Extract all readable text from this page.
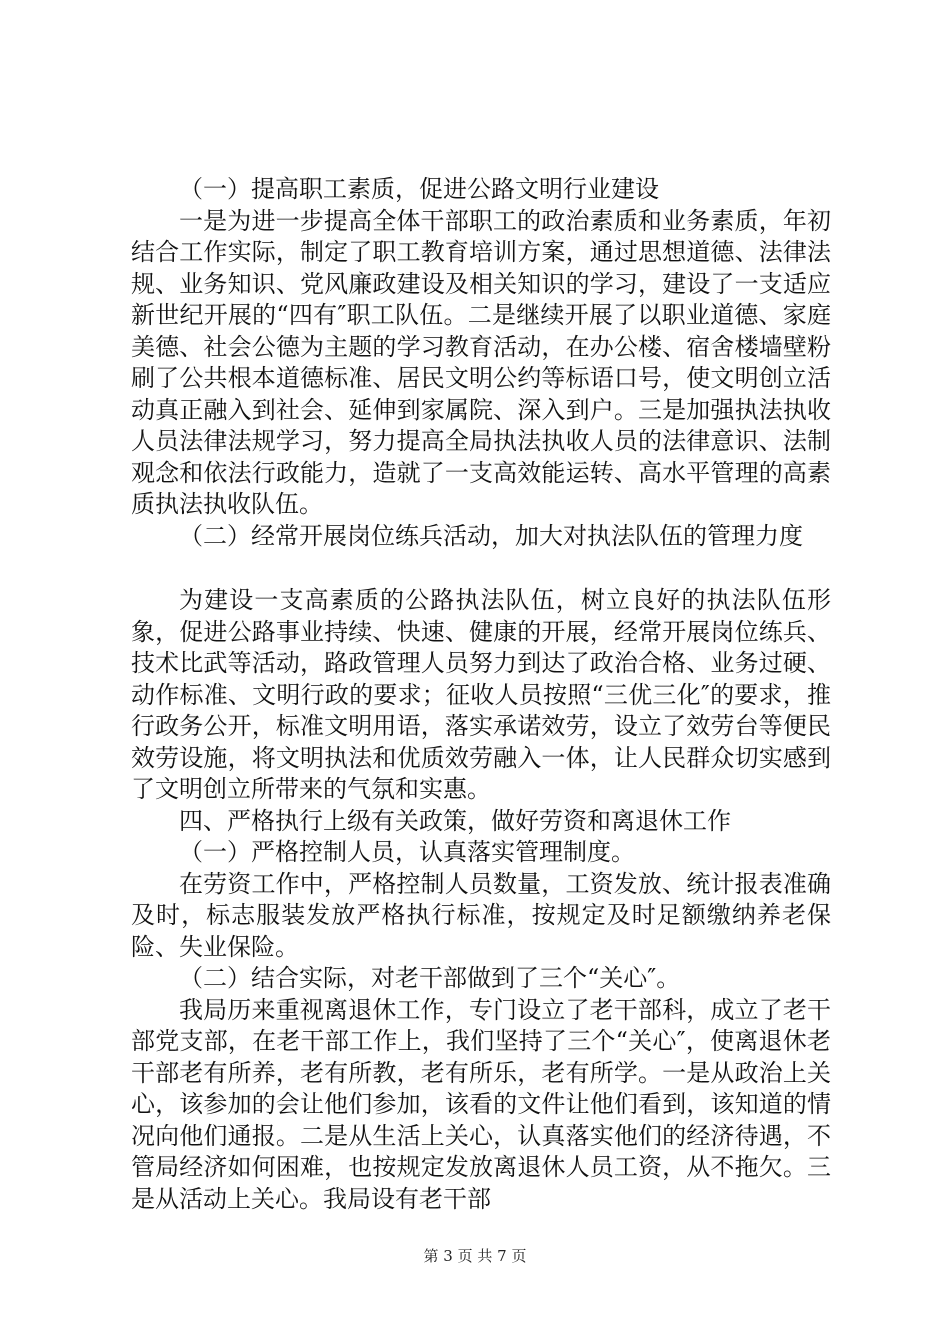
（一）提高职工素质，促进公路文明行业建设

一是为进一步提高全体干部职工的政治素质和业务素质，年初结合工作实际，制定了职工教育培训方案，通过思想道德、法律法规、业务知识、党风廉政建设及相关知识的学习，建设了一支适应新世纪开展的“四有″职工队伍。二是继续开展了以职业道德、家庭美德、社会公德为主题的学习教育活动，在办公楼、宿舍楼墙壁粉刷了公共根本道德标准、居民文明公约等标语口号，使文明创立活动真正融入到社会、延伸到家属院、深入到户。三是加强执法执收人员法律法规学习，努力提高全局执法执收人员的法律意识、法制观念和依法行政能力，造就了一支高效能运转、高水平管理的高素质执法执收队伍。

（二）经常开展岗位练兵活动，加大对执法队伍的管理力度

为建设一支高素质的公路执法队伍，树立良好的执法队伍形象，促进公路事业持续、快速、健康的开展，经常开展岗位练兵、技术比武等活动，路政管理人员努力到达了政治合格、业务过硬、动作标准、文明行政的要求；征收人员按照“三优三化″的要求，推行政务公开，标准文明用语，落实承诺效劳，设立了效劳台等便民效劳设施，将文明执法和优质效劳融入一体，让人民群众切实感到了文明创立所带来的气氛和实惠。

四、严格执行上级有关政策，做好劳资和离退休工作

（一）严格控制人员，认真落实管理制度。

在劳资工作中，严格控制人员数量，工资发放、统计报表准确及时，标志服装发放严格执行标准，按规定及时足额缴纳养老保险、失业保险。

（二）结合实际，对老干部做到了三个“关心″。

我局历来重视离退休工作，专门设立了老干部科，成立了老干部党支部，在老干部工作上，我们坚持了三个“关心″，使离退休老干部老有所养，老有所教，老有所乐，老有所学。一是从政治上关心，该参加的会让他们参加，该看的文件让他们看到，该知道的情况向他们通报。二是从生活上关心，认真落实他们的经济待遇，不管局经济如何困难，也按规定发放离退休人员工资，从不拖欠。三是从活动上关心。我局设有老干部

第 3 页 共 7 页
